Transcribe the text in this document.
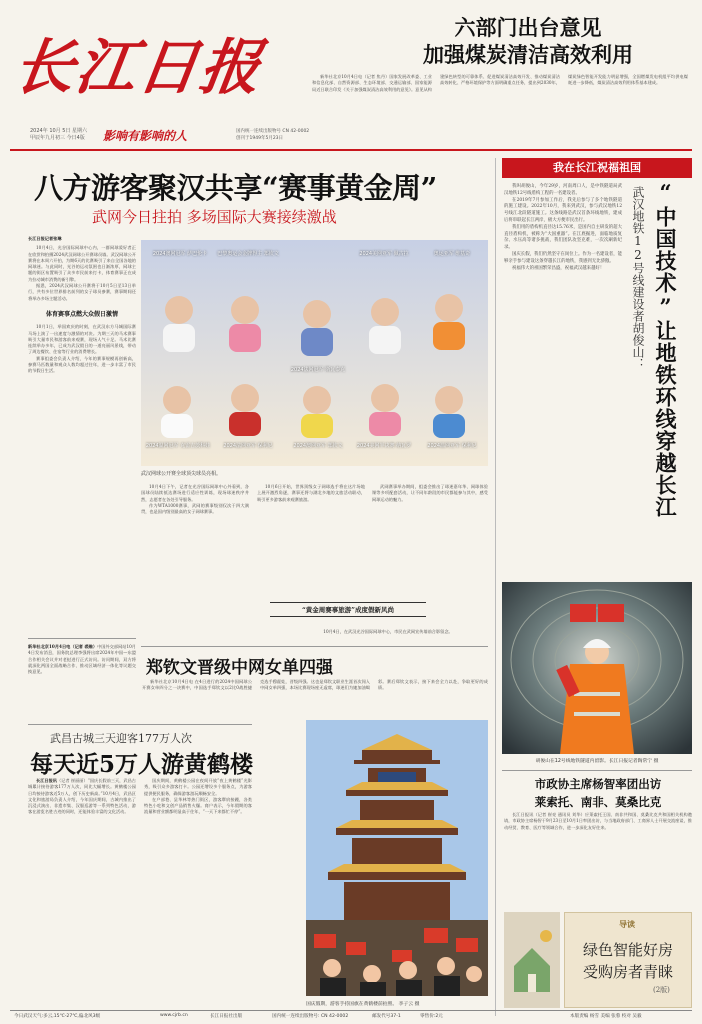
长江日报
2024年 10月 5日 星期六
甲辰年九月初三 今日4版 影响有影响的人	国内统一连续出版物号 CN 42-0002
创刊于1949年5月23日
六部门出台意见
加强煤炭清洁高效利用

新华社北京10月4日电（记者 焦丹）国家发展改革委、工业和信息化部、自然资源部、生态环境部、交通运输部、国家能源局近日联合印发《关于加强煤炭清洁高效利用的意见》。意见从构建绿色转型的可靠体系、促进煤炭清洁高效开发、推动煤炭清洁高效转化、严格环境保护等方面明确重点任务，提出到2030年，煤炭绿色智能开发能力明显增强，全国燃煤发电机组平均供电煤耗进一步降低，煤炭清洁高效利用体系基本建成。

八方游客聚汉共享“赛事黄金周”
武网今日拄拍 多场国际大赛接续激战
长江日报记者张琳

10月4日，光谷国际网球中心内，一群网球爱好者正在欣赏和拍摄2024武汉网球公开赛球员墙。武汉网球公开赛将在本周六开拍，为期6天的比赛吸引了来自全国各地的网球迷。与此同时，光谷的运动氛围也日渐浓厚，网球主题的街区布置吸引了众多市民前来打卡，体育赛事正在成为拉动城市消费的新引擎。

据悉，2024武汉网球公开赛将于10月5日至13日举行，共有多位世界排名前列的女子球员参赛，赛事期间还将举办多场主题活动。

体育赛事点燃大众假日激情

10月1日，举国欢庆的时刻，在武汉东方马城国际赛马场上演了一出速度与激情的对决。为期三天的马术赛事吸引大量市民和游客前来观赛，现场人气十足。马术比赛连续举办多年，已成为武汉假日的一道亮丽风景线，带动了周边餐饮、住宿等行业的消费增长。

赛事组委会负责人介绍，今年的赛事规模再创新高，参赛马匹数量和观众人数均超过往年，进一步丰富了市民的节假日生活。

2024澳网冠军 萨巴伦卡	巴黎奥运会金牌得主 郑钦文
2024法网冠军 斯瓦泰克
2024温网冠军 克雷吉茨科娃	2024法网亚军 保利尼
2024美网亚军 佩古拉
2024澳网亚军 郑钦文
奥运亚军 维基奇
2024美网半决赛 纳瓦罗	2024温网亚军 保利尼
武汉网球公开赛全球顶尖球员亮相。

10月4日下午，记者在光谷国际网球中心外看到，各国球员陆续抵达赛场进行适应性训练，现场球迷秩序井然，志愿者在各处引导服务。

作为WTA1000赛事，武网的赛事级别仅次于四大满贯，也是国内级别最高的女子网球赛事。

10月6日开始，世界顶级女子网球选手将在这片场地上展开激烈角逐，赛事还将与湖北多地的文旅活动联动，吸引更多游客前来观赛旅游。

武网赛事举办期间，组委会推出了球迷嘉年华、网球体验课等多项配套活动，让不同年龄段的市民都能参与其中，感受网球运动的魅力。

“黄金周赛事旅游”成度假新风尚
10月4日，在武汉光谷国际网球中心，市民在武网宣传墙前合影留念。
新华社北京10月4日电（记者 裘维）中国外交部网站10月4日发布消息，国务院总理李强将出席2024年中国—东盟合作相关会议并对老挝进行正式访问。访问期间，双方将就深化两国全面战略合作、推动区域经济一体化等议题交换意见。	郑钦文晋级中网女单四强

新华社北京10月4日电 在4日进行的2024中国网球公开赛女单四分之一决赛中，中国选手郑钦文以2比0战胜捷克选手穆霍娃，晋级四强。这也是郑钦文职业生涯首次闯入中网女单四强，本场比赛现场座无虚席，球迷们为她加油喝彩。赛后郑钦文表示，接下来会全力以赴，争取更好的成绩。

武昌古城三天迎客177万人次
每天近5万人游黄鹤楼

长江日报讯（记者 崔丽丽）“国庆长假前三天，武昌古城累计接待游客177万人次，同比大幅增长。黄鹤楼公园日均接待游客近5万人，创下历史新高。”10月4日，武昌区文化和旅游局负责人介绍，今年国庆期间，古城内推出了沉浸式演出、非遗市集、汉服巡游等一系列特色活动，游客在游览名胜古迹的同时，还能体验丰富的文化活动。

国庆期间，黄鹤楼公园在夜间开放“夜上黄鹤楼”光影秀，吸引众多游客打卡。公园还增设多个服务点，为游客提供便民服务，确保游客游玩顺畅安全。

在户部巷、昙华林等热门街区，游客摩肩接踵，各类特色小吃和文创产品销售火爆。商户表示，今年假期的客流量和营业额都明显高于往年，“一天下来都忙不停”。

国庆假期，游客手持国旗在黄鹤楼前拍照。 李子云 摄
我在长江祝福祖国

我叫胡俊山，今年29岁，河南周口人，是中铁隧道局武汉地铁12号线盾构工程的一名建设者。

在2019年7月参加工作后，我先后参与了多个地铁隧道的施工建设。2022年10月，我来到武汉，参与武汉地铁12号线江北段隧道施工。这条线路是武汉首条环线地铁，建成后将串联起长江两岸，极大方便市民出行。

我们用的盾构机直径达15.76米，是国内自主研发的超大直径盾构机，被称为“大国重器”。在江底掘进，面临地质复杂、水压高等诸多挑战，我们团队攻坚克难，一次次刷新纪录。

国庆长假，我们仍然坚守在岗位上。作为一名建设者，能够亲手参与建设这条穿越长江的地铁，我感到无比骄傲。

祝福伟大的祖国繁荣昌盛，祝福武汉越来越好！	“中国技术”让地铁环线穿越长江
武汉地铁12号线建设者胡俊山：
胡俊山在12号线地铁隧道内留影。长江日报记者陶常宁 摄
市政协主席杨智率团出访
莱索托、南非、莫桑比克

长江日报讯（记者 崔亮 通讯员 刘华）应莱索托王国、南非共和国、莫桑比克共和国相关机构邀请，市政协主席杨智于9月23日至10月1日率团出访，与当地政府部门、工商界人士开展交流座谈，推动经贸、教育、医疗等领域合作，进一步深化友好往来。

导读
绿色智能好房
受购房者青睐
(2版)
今日武汉天气:多云,15℃-27℃,偏北风3级	www.cjrb.cn	长江日报社出版	国内统一连续出版物号: CN 42-0002	邮发代号37-1	零售价:2元	本版责编 杨雪 美编 张蓉 校对 吴毅
